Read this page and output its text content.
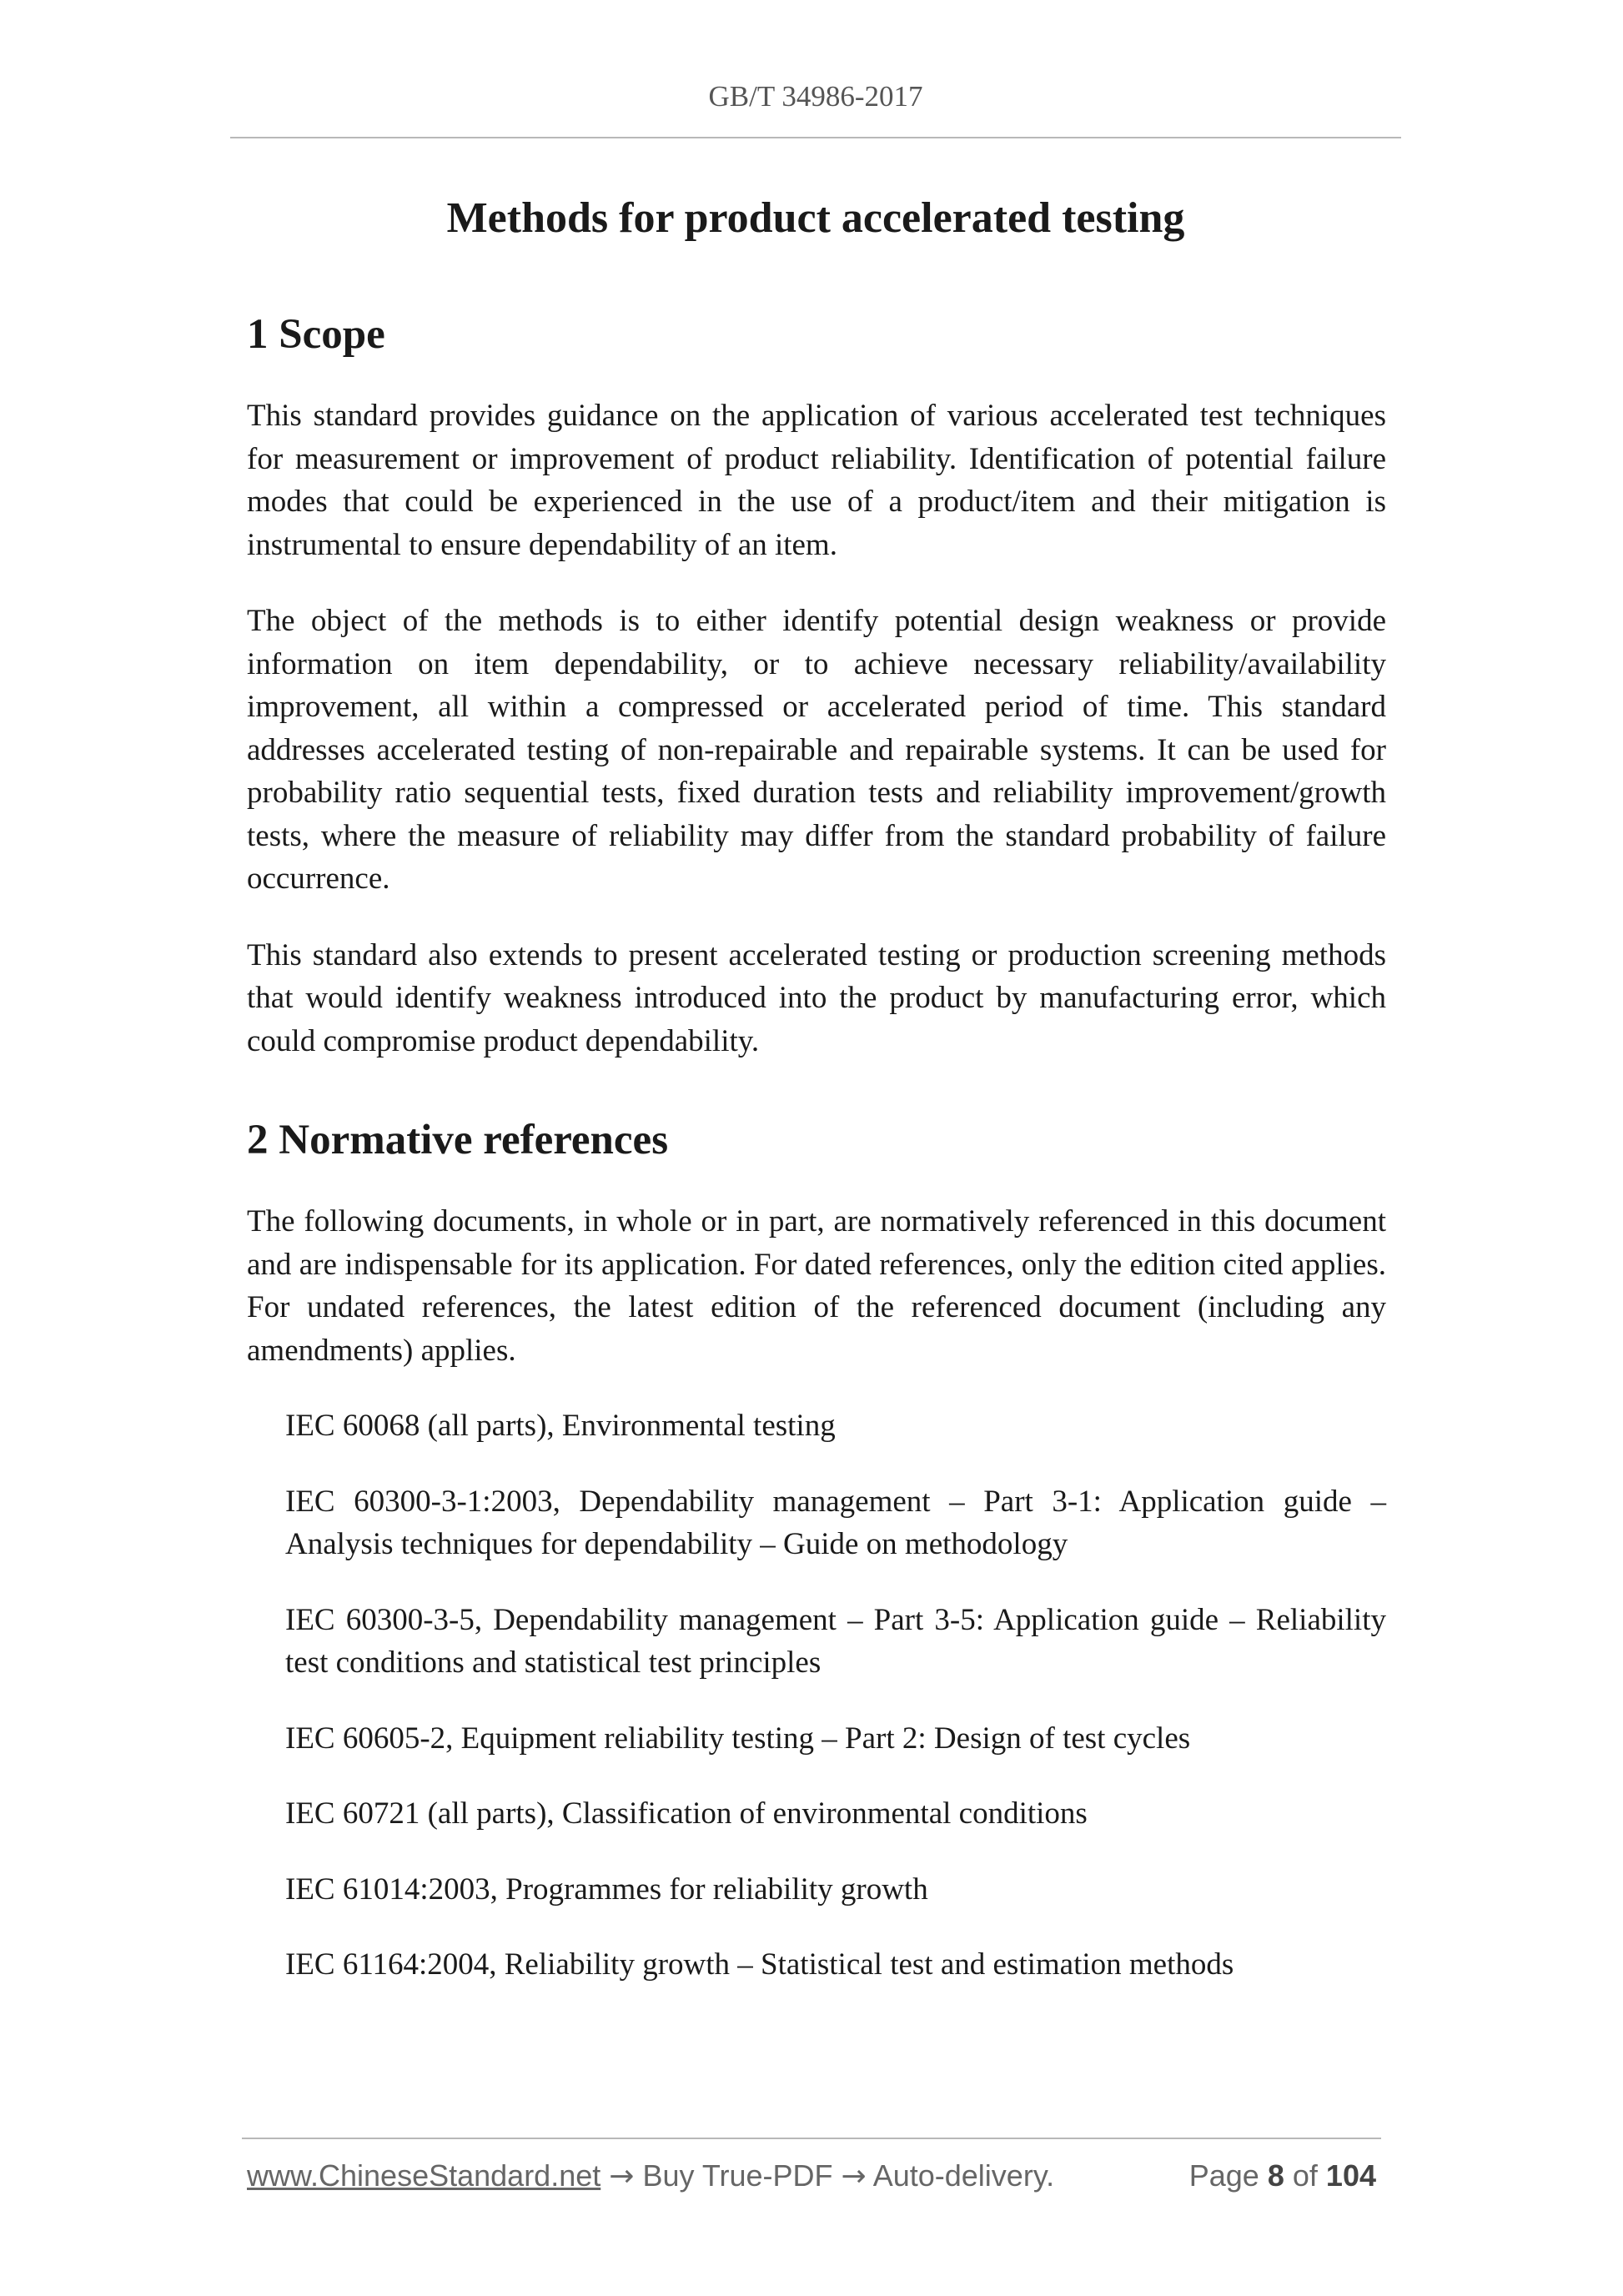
GB/T 34986-2017
Methods for product accelerated testing
1 Scope

This standard provides guidance on the application of various accelerated test techniques for measurement or improvement of product reliability. Identification of potential failure modes that could be experienced in the use of a product/item and their mitigation is instrumental to ensure dependability of an item.

The object of the methods is to either identify potential design weakness or provide information on item dependability, or to achieve necessary reliability/availability improvement, all within a compressed or accelerated period of time. This standard addresses accelerated testing of non-repairable and repairable systems. It can be used for probability ratio sequential tests, fixed duration tests and reliability improvement/growth tests, where the measure of reliability may differ from the standard probability of failure occurrence.

This standard also extends to present accelerated testing or production screening methods that would identify weakness introduced into the product by manufacturing error, which could compromise product dependability.

2 Normative references

The following documents, in whole or in part, are normatively referenced in this document and are indispensable for its application. For dated references, only the edition cited applies. For undated references, the latest edition of the referenced document (including any amendments) applies.

IEC 60068 (all parts), Environmental testing
IEC 60300-3-1:2003, Dependability management – Part 3-1: Application guide – Analysis techniques for dependability – Guide on methodology
IEC 60300-3-5, Dependability management – Part 3-5: Application guide – Reliability test conditions and statistical test principles
IEC 60605-2, Equipment reliability testing – Part 2: Design of test cycles
IEC 60721 (all parts), Classification of environmental conditions
IEC 61014:2003, Programmes for reliability growth
IEC 61164:2004, Reliability growth – Statistical test and estimation methods
www.ChineseStandard.net → Buy True-PDF → Auto-delivery.	Page 8 of 104
